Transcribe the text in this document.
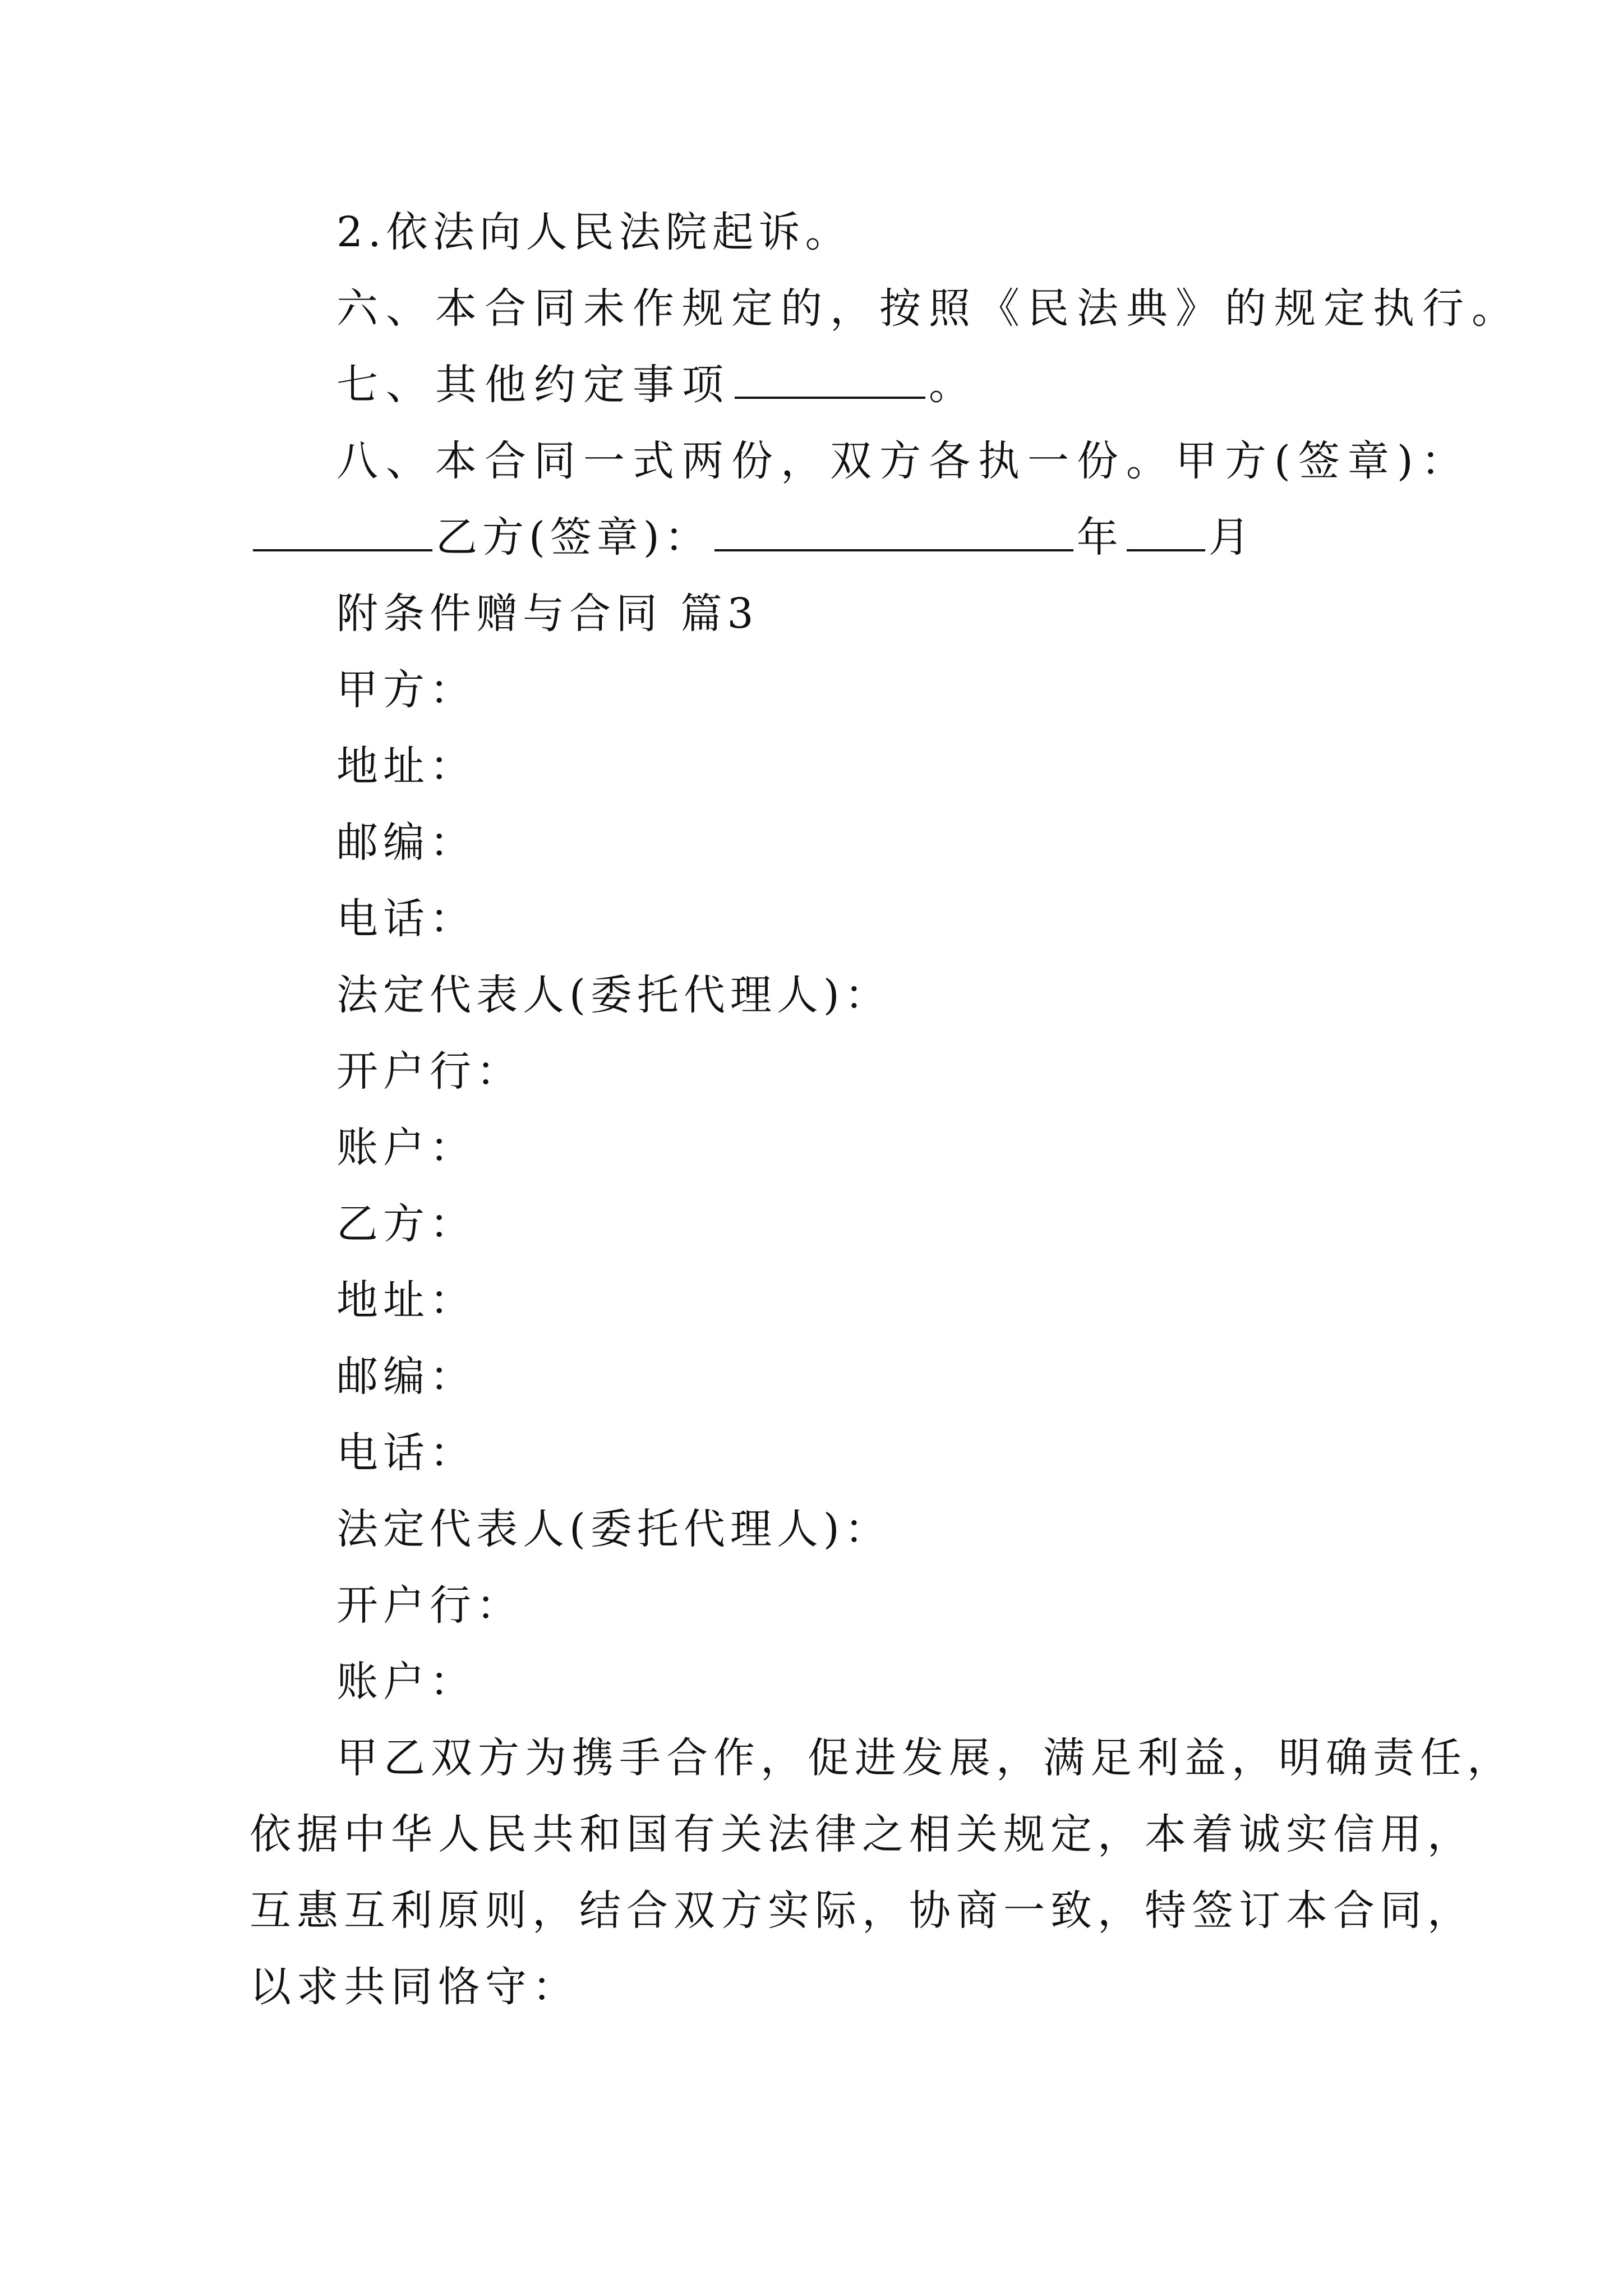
2.依法向人民法院起诉。
六、本合同未作规定的，按照《民法典》的规定执行。
七、其他约定事项	。
八、本合同一式两份，双方各执一份。甲方(签章)：
乙方(签章)：	年 月
附条件赠与合同 篇3
甲方：
地址：
邮编：
电话：
法定代表人(委托代理人)：
开户行：
账户：
乙方：
地址：
邮编：
电话：
法定代表人(委托代理人)：
开户行：
账户：
甲乙双方为携手合作，促进发展，满足利益，明确责任，
依据中华人民共和国有关法律之相关规定，本着诚实信用，
互惠互利原则，结合双方实际，协商一致，特签订本合同，
以求共同恪守：
